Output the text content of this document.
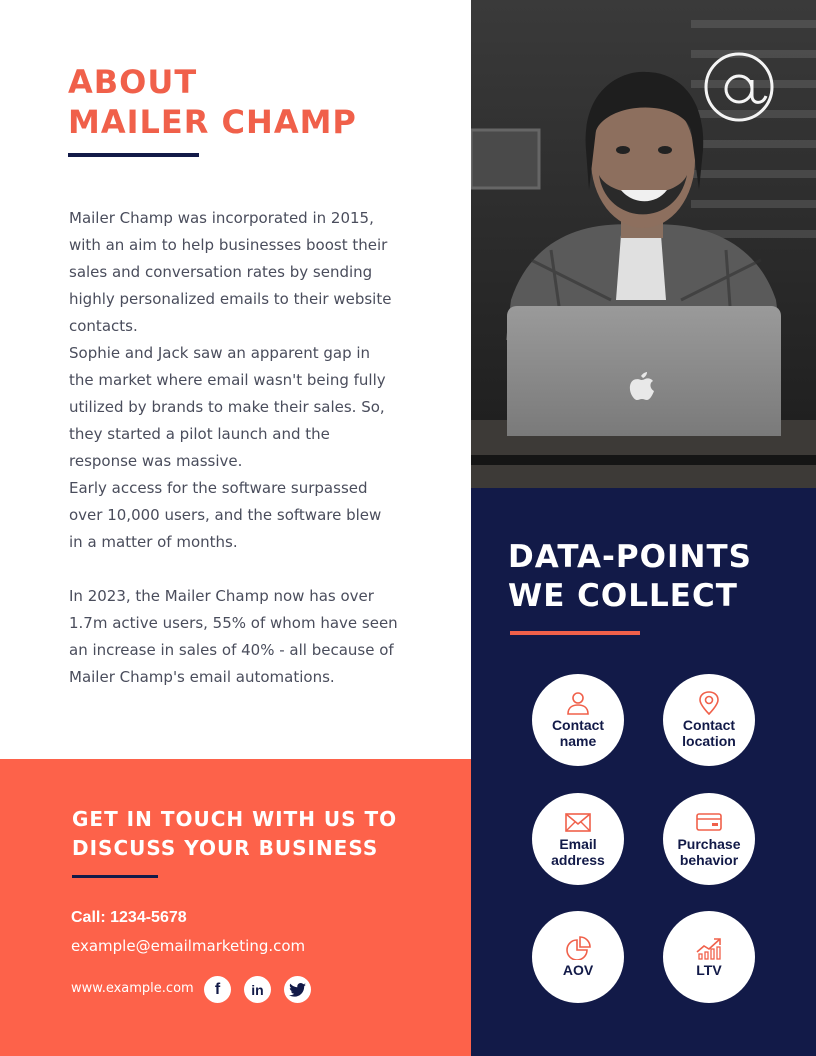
ABOUT
MAILER CHAMP

Mailer Champ was incorporated in 2015, with an aim to help businesses boost their sales and conversation rates by sending highly personalized emails to their website contacts.

Sophie and Jack saw an apparent gap in the market where email wasn't being fully utilized by brands to make their sales. So, they started a pilot launch and the response was massive.

Early access for the software surpassed over 10,000 users, and the software blew in a matter of months.

In 2023, the Mailer Champ now has over 1.7m active users, 55% of whom have seen an increase in sales of 40% - all because of Mailer Champ's email automations.

GET IN TOUCH WITH US TO
DISCUSS YOUR BUSINESS
Call: 1234-5678
example@emailmarketing.com
www.example.com f in
DATA-POINTS
WE COLLECT
Contact
name
Contact
location
Email
address
Purchase
behavior
AOV	LTV
